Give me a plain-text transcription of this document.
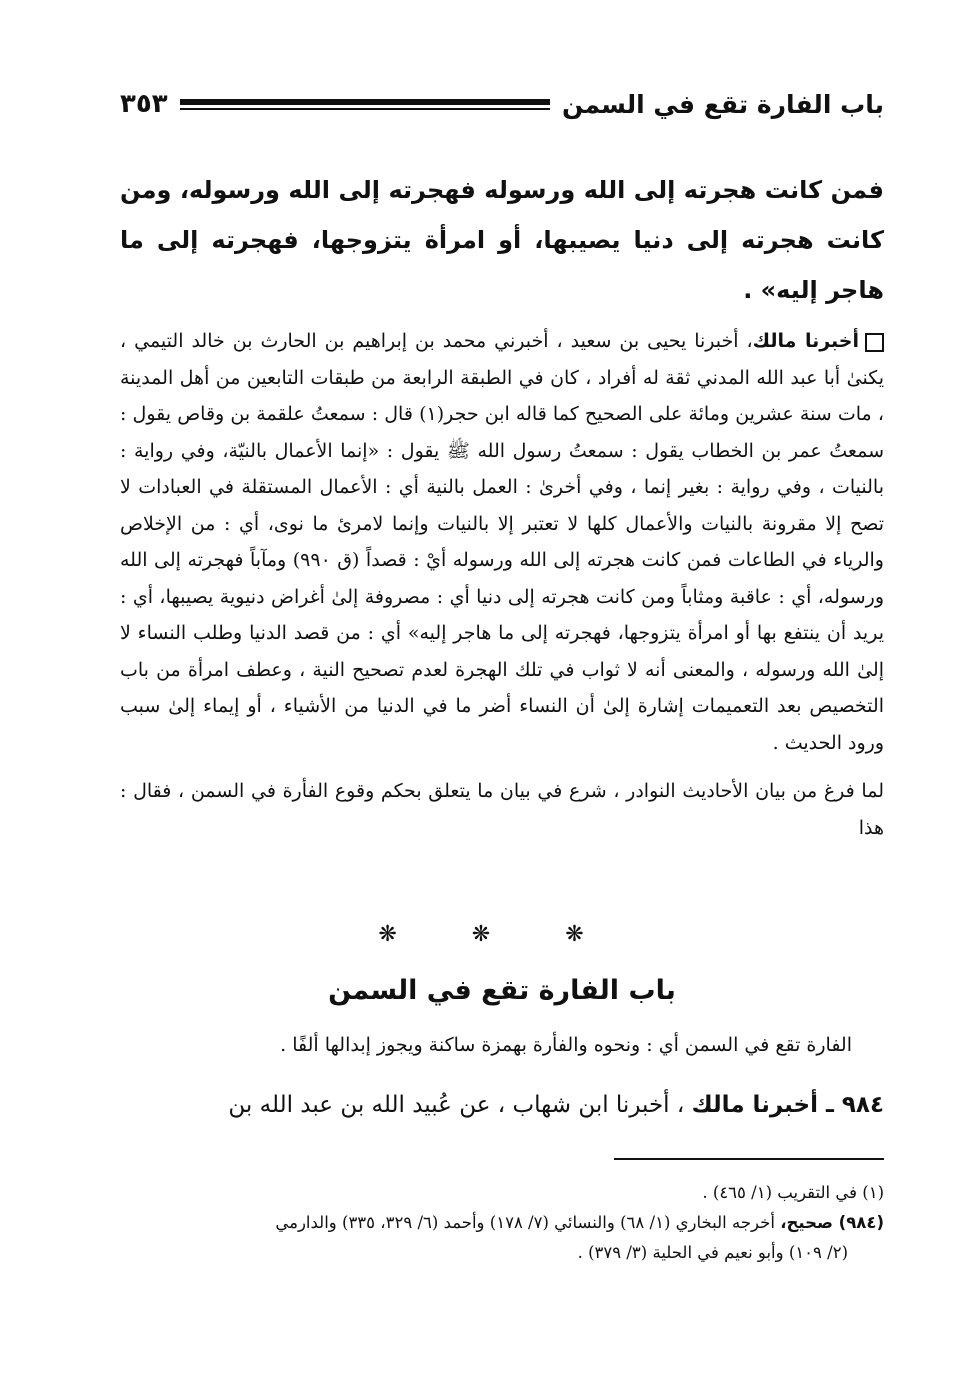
باب الفارة تقع في السمن
٣٥٣

فمن كانت هجرته إلى الله ورسوله فهجرته إلى الله ورسوله، ومن كانت هجرته إلى دنيا يصيبها، أو امرأة يتزوجها، فهجرته إلى ما هاجر إليه» .

أخبرنا مالك، أخبرنا يحيى بن سعيد ، أخبرني محمد بن إبراهيم بن الحارث بن خالد التيمي ، يكنىٰ أبا عبد الله المدني ثقة له أفراد ، كان في الطبقة الرابعة من طبقات التابعين من أهل المدينة ، مات سنة عشرين ومائة على الصحيح كما قاله ابن حجر(١) قال : سمعتُ علقمة بن وقاص يقول : سمعتُ عمر بن الخطاب يقول : سمعتُ رسول الله ﷺ يقول : «إنما الأعمال بالنيّة، وفي رواية : بالنيات ، وفي رواية : بغير إنما ، وفي أخرىٰ : العمل بالنية أي : الأعمال المستقلة في العبادات لا تصح إلا مقرونة بالنيات والأعمال كلها لا تعتبر إلا بالنيات وإنما لامرئ ما نوى، أي : من الإخلاص والرياء في الطاعات فمن كانت هجرته إلى الله ورسوله أيْ : قصداً (ق ٩٩٠) ومآباً فهجرته إلى الله ورسوله، أي : عاقبة ومثاباً ومن كانت هجرته إلى دنيا أي : مصروفة إلىٰ أغراض دنيوية يصيبها، أي : يريد أن ينتفع بها أو امرأة يتزوجها، فهجرته إلى ما هاجر إليه» أي : من قصد الدنيا وطلب النساء لا إلىٰ الله ورسوله ، والمعنى أنه لا ثواب في تلك الهجرة لعدم تصحيح النية ، وعطف امرأة من باب التخصيص بعد التعميمات إشارة إلىٰ أن النساء أضر ما في الدنيا من الأشياء ، أو إيماء إلىٰ سبب ورود الحديث .

لما فرغ من بيان الأحاديث النوادر ، شرع في بيان ما يتعلق بحكم وقوع الفأرة في السمن ، فقال : هذا

❋	❋	❋
باب الفارة تقع في السمن
الفارة تقع في السمن أي : ونحوه والفأرة بهمزة ساكنة ويجوز إبدالها ألفًا .
٩٨٤ ـ أخبرنا مالك ، أخبرنا ابن شهاب ، عن عُبيد الله بن عبد الله بن

(١) في التقريب (١/ ٤٦٥) .

(٩٨٤) صحيح، أخرجه البخاري (١/ ٦٨) والنسائي (٧/ ١٧٨) وأحمد (٦/ ٣٢٩، ٣٣٥) والدارمي

(٢/ ١٠٩) وأبو نعيم في الحلية (٣/ ٣٧٩) .
